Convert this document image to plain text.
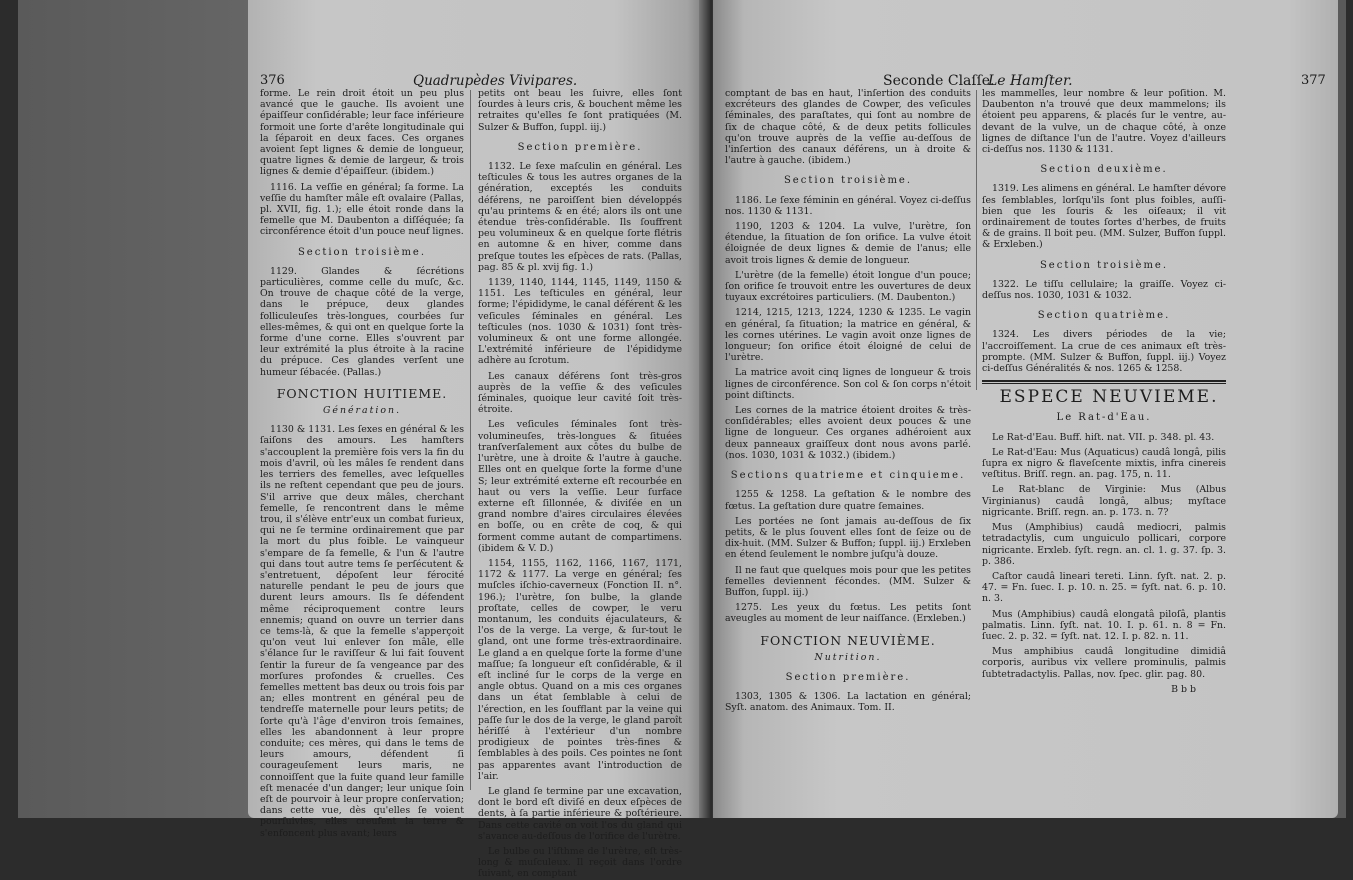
376	Quadrupèdes Vivipares.

forme. Le rein droit étoit un peu plus avancé que le gauche. Ils avoient une épaiſſeur conſidérable; leur face inférieure formoit une ſorte d'arête longitudinale qui la ſéparoit en deux faces. Ces organes avoient ſept lignes & demie de longueur, quatre lignes & demie de largeur, & trois lignes & demie d'épaiſſeur. (ibidem.)

1116. La veſſie en général; ſa forme. La veſſie du hamſter mâle eſt ovalaire (Pallas, pl. XVII, fig. 1.); elle étoit ronde dans la femelle que M. Daubenton a diſſéquée; ſa circonférence étoit d'un pouce neuf lignes.

Section troisième.

1129. Glandes & ſécrétions particulières, comme celle du muſc, &c. On trouve de chaque côté de la verge, dans le prépuce, deux glandes folliculeuſes très-longues, courbées ſur elles-mêmes, & qui ont en quelque ſorte la forme d'une corne. Elles s'ouvrent par leur extrémité la plus étroite à la racine du prépuce. Ces glandes verſent une humeur ſébacée. (Pallas.)

FONCTION HUITIEME.

Génération.

1130 & 1131. Les ſexes en général & les ſaiſons des amours. Les hamſters s'accouplent la première fois vers la fin du mois d'avril, où les mâles ſe rendent dans les terriers des femelles, avec leſquelles ils ne reſtent cependant que peu de jours. S'il arrive que deux mâles, cherchant femelle, ſe rencontrent dans le même trou, il s'élève entr'eux un combat furieux, qui ne ſe termine ordinairement que par la mort du plus foible. Le vainqueur s'empare de ſa femelle, & l'un & l'autre qui dans tout autre tems ſe perſécutent & s'entretuent, dépoſent leur férocité naturelle pendant le peu de jours que durent leurs amours. Ils ſe défendent même réciproquement contre leurs ennemis; quand on ouvre un terrier dans ce tems-là, & que la femelle s'apperçoit qu'on veut lui enlever ſon mâle, elle s'élance ſur le raviſſeur & lui fait ſouvent ſentir la fureur de ſa vengeance par des morſures profondes & cruelles. Ces femelles mettent bas deux ou trois fois par an; elles montrent en général peu de tendreſſe maternelle pour leurs petits; de ſorte qu'à l'âge d'environ trois ſemaines, elles les abandonnent à leur propre conduite; ces mères, qui dans le tems de leurs amours, défendent ſi courageuſement leurs maris, ne connoiſſent que la fuite quand leur famille eſt menacée d'un danger; leur unique ſoin eſt de pourvoir à leur propre conſervation; dans cette vue, dès qu'elles ſe voient pourſuivies, elles creuſent la terre & s'enfoncent plus avant; leurs

petits ont beau les ſuivre, elles ſont ſourdes à leurs cris, & bouchent même les retraites qu'elles ſe ſont pratiquées (M. Sulzer & Buffon, ſuppl. iij.)

Section première.

1132. Le ſexe maſculin en général. Les teſticules & tous les autres organes de la génération, exceptés les conduits déférens, ne paroiſſent bien développés qu'au printems & en été; alors ils ont une étendue très-conſidérable. Ils ſouffrent peu volumineux & en quelque ſorte flétris en automne & en hiver, comme dans preſque toutes les eſpèces de rats. (Pallas, pag. 85 & pl. xvij fig. 1.)

1139, 1140, 1144, 1145, 1149, 1150 & 1151. Les teſticules en général, leur forme; l'épididyme, le canal déférent & les veſicules ſéminales en général. Les teſticules (nos. 1030 & 1031) ſont très-volumineux & ont une forme allongée. L'extrémité inférieure de l'épididyme adhère au ſcrotum.

Les canaux déférens ſont très-gros auprès de la veſſie & des veſicules ſéminales, quoique leur cavité ſoit très-étroite.

Les veſicules ſéminales ſont très-volumineuſes, très-longues & ſituées tranſverſalement aux côtes du bulbe de l'urètre, une à droite & l'autre à gauche. Elles ont en quelque ſorte la forme d'une S; leur extrémité externe eſt recourbée en haut ou vers la veſſie. Leur ſurface externe eſt ſillonnée, & diviſée en un grand nombre d'aires circulaires élevées en boſſe, ou en crête de coq, & qui forment comme autant de compartimens. (ibidem & V. D.)

1154, 1155, 1162, 1166, 1167, 1171, 1172 & 1177. La verge en général; ſes muſcles iſchio-caverneux (Fonction II. n°. 196.); l'urètre, ſon bulbe, la glande proſtate, celles de cowper, le veru montanum, les conduits éjaculateurs, & l'os de la verge. La verge, & ſur-tout le gland, ont une forme très-extraordinaire. Le gland a en quelque ſorte la forme d'une maſſue; ſa longueur eſt conſidérable, & il eſt incliné ſur le corps de la verge en angle obtus. Quand on a mis ces organes dans un état ſemblable à celui de l'érection, en les ſoufflant par la veine qui paſſe ſur le dos de la verge, le gland paroît hériſſé à l'extérieur d'un nombre prodigieux de pointes très-fines & ſemblables à des poils. Ces pointes ne ſont pas apparentes avant l'introduction de l'air.

Le gland ſe termine par une excavation, dont le bord eſt diviſé en deux eſpèces de dents, à ſa partie inférieure & poſtérieure. Dans cette cavité on voit l'os du gland qui s'avance au-deſſous de l'orifice de l'urètre.

Le bulbe ou l'iſthme de l'urètre, eſt très-long & muſculeux. Il reçoit dans l'ordre ſuivant, en comptant

Seconde Claſſe.
Le Hamſter.	377

comptant de bas en haut, l'inſertion des conduits excréteurs des glandes de Cowper, des veſicules ſéminales, des paraſtates, qui ſont au nombre de ſix de chaque côté, & de deux petits follicules qu'on trouve auprès de la veſſie au-deſſous de l'inſertion des canaux déférens, un à droite & l'autre à gauche. (ibidem.)

Section troisième.

1186. Le ſexe féminin en général. Voyez ci-deſſus nos. 1130 & 1131.

1190, 1203 & 1204. La vulve, l'urètre, ſon étendue, la ſituation de ſon orifice. La vulve étoit éloignée de deux lignes & demie de l'anus; elle avoit trois lignes & demie de longueur.

L'urètre (de la femelle) étoit longue d'un pouce; ſon orifice ſe trouvoit entre les ouvertures de deux tuyaux excrétoires particuliers. (M. Daubenton.)

1214, 1215, 1213, 1224, 1230 & 1235. Le vagin en général, ſa ſituation; la matrice en général, & les cornes utérines. Le vagin avoit onze lignes de longueur; ſon orifice étoit éloigné de celui de l'urètre.

La matrice avoit cinq lignes de longueur & trois lignes de circonférence. Son col & ſon corps n'étoit point diſtincts.

Les cornes de la matrice étoient droites & très-conſidérables; elles avoient deux pouces & une ligne de longueur. Ces organes adhéroient aux deux panneaux graiſſeux dont nous avons parlé. (nos. 1030, 1031 & 1032.) (ibidem.)

Sections quatrieme et cinquieme.

1255 & 1258. La geſtation & le nombre des fœtus. La geſtation dure quatre ſemaines.

Les portées ne ſont jamais au-deſſous de ſix petits, & le plus ſouvent elles ſont de ſeize ou de dix-huit. (MM. Sulzer & Buffon; ſuppl. iij.) Erxleben en étend ſeulement le nombre juſqu'à douze.

Il ne faut que quelques mois pour que les petites femelles deviennent fécondes. (MM. Sulzer & Buffon, ſuppl. iij.)

1275. Les yeux du fœtus. Les petits ſont aveugles au moment de leur naiſſance. (Erxleben.)

FONCTION NEUVIÈME.

Nutrition.

Section première.

1303, 1305 & 1306. La lactation en général; Syſt. anatom. des Animaux. Tom. II.

les mammelles, leur nombre & leur poſition. M. Daubenton n'a trouvé que deux mammelons; ils étoient peu apparens, & placés ſur le ventre, au-devant de la vulve, un de chaque côté, à onze lignes de diſtance l'un de l'autre. Voyez d'ailleurs ci-deſſus nos. 1130 & 1131.

Section deuxième.

1319. Les alimens en général. Le hamſter dévore ſes ſemblables, lorſqu'ils ſont plus foibles, auſſi-bien que les ſouris & les oiſeaux; il vit ordinairement de toutes ſortes d'herbes, de fruits & de grains. Il boit peu. (MM. Sulzer, Buffon ſuppl. & Erxleben.)

Section troisième.

1322. Le tiſſu cellulaire; la graiſſe. Voyez ci-deſſus nos. 1030, 1031 & 1032.

Section quatrième.

1324. Les divers périodes de la vie; l'accroiſſement. La crue de ces animaux eſt très-prompte. (MM. Sulzer & Buffon, ſuppl. iij.) Voyez ci-deſſus Généralités & nos. 1265 & 1258.

ESPECE NEUVIEME.

Le Rat-d'Eau.

Le Rat-d'Eau. Buff. hiſt. nat. VII. p. 348. pl. 43.

Le Rat-d'Eau: Mus (Aquaticus) caudâ longâ, pilis ſupra ex nigro & flaveſcente mixtis, infra cinereis veſtitus. Briſſ. regn. an. pag. 175, n. 11.

Le Rat-blanc de Virginie: Mus (Albus Virginianus) caudâ longâ, albus; myſtace nigricante. Briſſ. regn. an. p. 173. n. 7?

Mus (Amphibius) caudâ mediocri, palmis tetradactylis, cum unguiculo pollicari, corpore nigricante. Erxleb. ſyſt. regn. an. cl. 1. g. 37. ſp. 3. p. 386.

Caſtor caudâ lineari tereti. Linn. ſyſt. nat. 2. p. 47. = Fn. ſuec. I. p. 10. n. 25. = ſyſt. nat. 6. p. 10. n. 3.

Mus (Amphibius) caudâ elongatâ piloſâ, plantis palmatis. Linn. ſyſt. nat. 10. I. p. 61. n. 8 = Fn. ſuec. 2. p. 32. = ſyſt. nat. 12. I. p. 82. n. 11.

Mus amphibius caudâ longitudine dimidiâ corporis, auribus vix vellere prominulis, palmis ſubtetradactylis. Pallas, nov. ſpec. glir. pag. 80.

B b b
